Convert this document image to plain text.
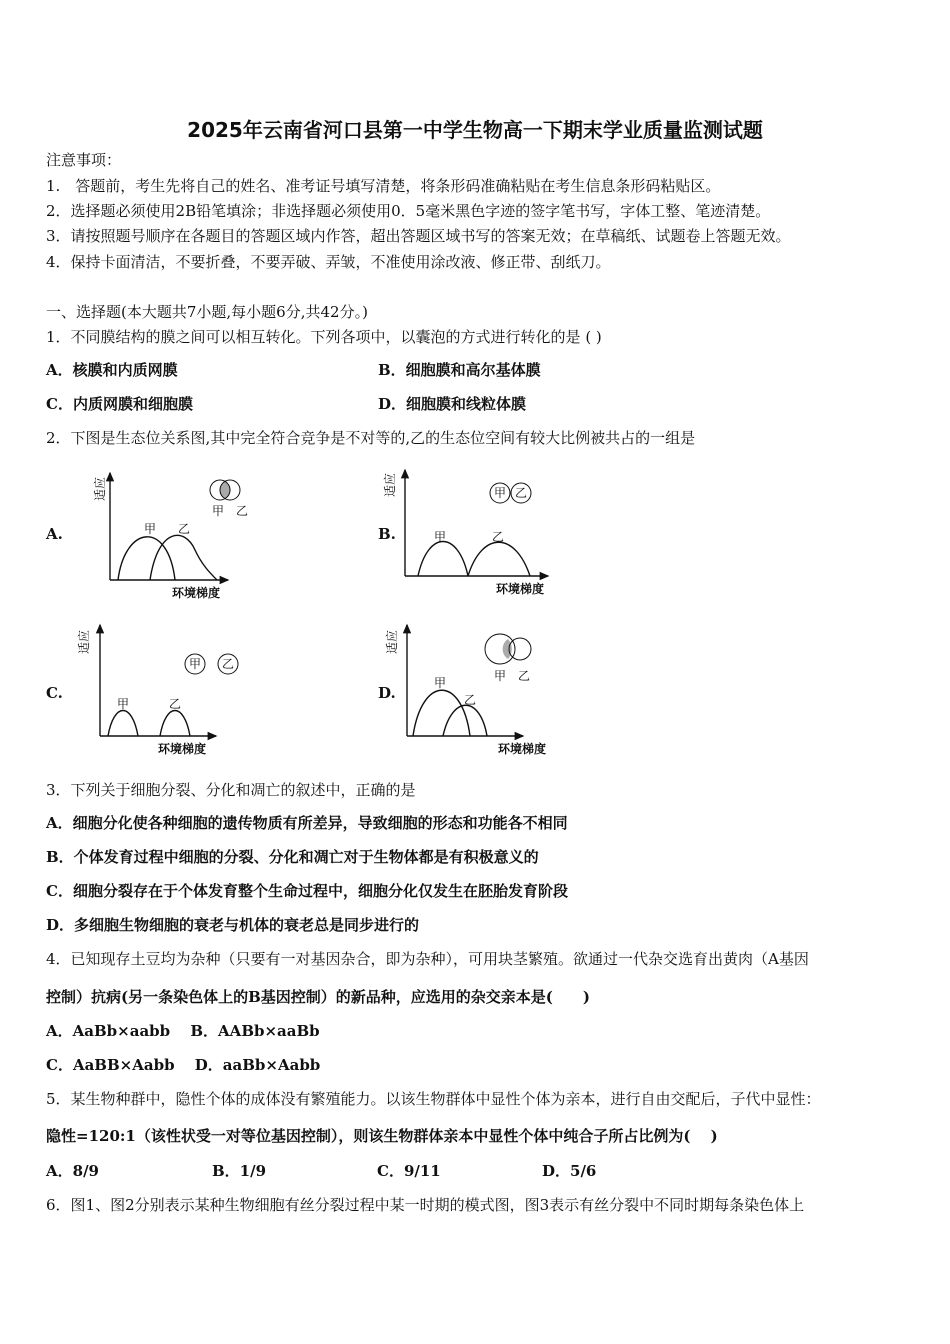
2025年云南省河口县第一中学生物高一下期末学业质量监测试题
注意事项：
1.　答题前，考生先将自己的姓名、准考证号填写清楚，将条形码准确粘贴在考生信息条形码粘贴区。
2．选择题必须使用2B铅笔填涂；非选择题必须使用0．5毫米黑色字迹的签字笔书写，字体工整、笔迹清楚。
3．请按照题号顺序在各题目的答题区域内作答，超出答题区域书写的答案无效；在草稿纸、试题卷上答题无效。
4．保持卡面清洁，不要折叠，不要弄破、弄皱，不准使用涂改液、修正带、刮纸刀。
一、选择题(本大题共7小题,每小题6分,共42分。)
1．不同膜结构的膜之间可以相互转化。下列各项中，以囊泡的方式进行转化的是 ( )
A．核膜和内质网膜	B．细胞膜和高尔基体膜
C．内质网膜和细胞膜	D．细胞膜和线粒体膜
2．下图是生态位关系图,其中完全符合竞争是不对等的,乙的生态位空间有较大比例被共占的一组是
A.	B.
C.	D.
甲 乙
甲 乙
适应
环境梯度
甲 乙
甲	乙
适应
环境梯度
甲 乙
甲	乙
适应
环境梯度
甲 乙
甲
乙
适应
环境梯度
3．下列关于细胞分裂、分化和凋亡的叙述中，正确的是
A．细胞分化使各种细胞的遗传物质有所差异，导致细胞的形态和功能各不相同
B．个体发育过程中细胞的分裂、分化和凋亡对于生物体都是有积极意义的
C．细胞分裂存在于个体发育整个生命过程中，细胞分化仅发生在胚胎发育阶段
D．多细胞生物细胞的衰老与机体的衰老总是同步进行的
4．已知现存土豆均为杂种（只要有一对基因杂合，即为杂种），可用块茎繁殖。欲通过一代杂交选育出黄肉（A基因
控制）抗病(另一条染色体上的B基因控制）的新品种，应选用的杂交亲本是(　　)
A．AaBb×aabb　 B．AABb×aaBb
C．AaBB×Aabb　 D．aaBb×Aabb
5．某生物种群中，隐性个体的成体没有繁殖能力。以该生物群体中显性个体为亲本，进行自由交配后，子代中显性：
隐性=120:1（该性状受一对等位基因控制），则该生物群体亲本中显性个体中纯合子所占比例为(　 )
A．8/9	B．1/9	C．9/11	D．5/6
6．图1、图2分别表示某种生物细胞有丝分裂过程中某一时期的模式图，图3表示有丝分裂中不同时期每条染色体上
